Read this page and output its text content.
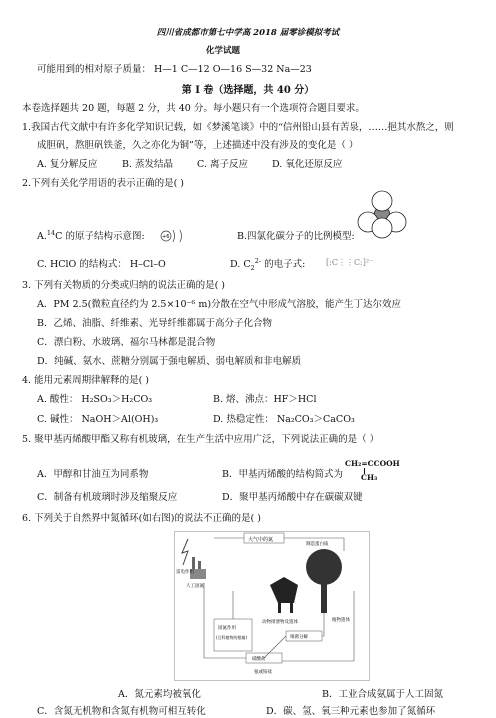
四川省成都市第七中学高 2018 届零诊模拟考试
化学试题
可能用到的相对原子质量： H—1 C—12 O—16 S—32 Na—23
第 I 卷（选择题，共 40 分）
本卷选择题共 20 题，每题 2 分，共 40 分。每小题只有一个选项符合题目要求。
1.我国古代文献中有许多化学知识记载，如《梦溪笔谈》中的“信州铅山县有苦泉，……挹其水熬之，则
成胆矾，熬胆矾铁釜，久之亦化为铜”等，上述描述中没有涉及的变化是（ ）
A. 复分解反应	B. 蒸发结晶	C. 离子反应	D. 氧化还原反应
2.下列有关化学用语的表示正确的是( )
A.$^{14}$C 的原子结构示意图:	+6	B.四氯化碳分子的比例模型:
C. HClO 的结构式： H–Cl–O	D. $C_2^{2-}$ 的电子式:	[:C⋮⋮C:]²⁻
3. 下列有关物质的分类或归纳的说法正确的是( )
A．PM 2.5(微粒直径约为 2.5×10⁻⁶ m)分散在空气中形成气溶胶，能产生丁达尔效应
B．乙烯、油脂、纤维素、光导纤维都属于高分子化合物
C．漂白粉、水玻璃、福尔马林都是混合物
D．纯碱、氨水、蔗糖分别属于强电解质、弱电解质和非电解质
4. 能用元素周期律解释的是( )
A. 酸性： H₂SO₃＞H₂CO₃	B. 熔、沸点：HF＞HCl
C. 碱性： NaOH＞Al(OH)₃	D. 热稳定性： Na₂CO₃＞CaCO₃
5. 聚甲基丙烯酸甲酯又称有机玻璃，在生产生活中应用广泛，下列说法正确的是（ ）
CH₂=CCOOH
CH₃
A．甲醇和甘油互为同系物	B．甲基丙烯酸的结构简式为
C．制备有机玻璃时涉及缩聚反应	D．聚甲基丙烯酸中存在碳碳双键
6. 下列关于自然界中氮循环(如右图)的说法不正确的是( )
大气中的氮
雷电作用
人工固氮
制造蛋白质
动物排泄物及遗体	植物遗体
细菌分解
硝酸盐
氨或铵盐
固氮作用
(豆科植物的根瘤)
A．氮元素均被氧化	B．工业合成氨属于人工固氮
C．含氮无机物和含氮有机物可相互转化	D．碳、氢、氧三种元素也参加了氮循环
